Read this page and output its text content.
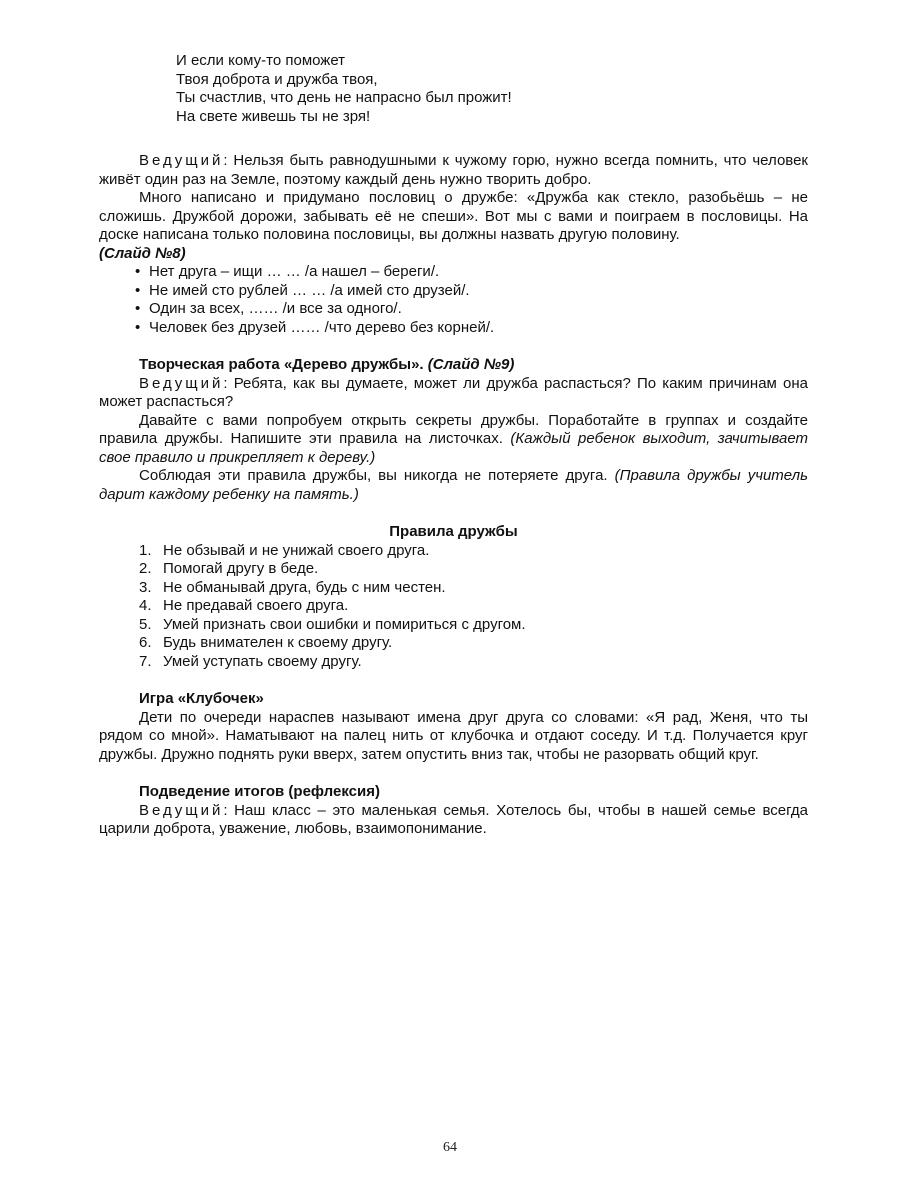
И если кому-то поможет
Твоя доброта и дружба твоя,
Ты счастлив, что день не напрасно был прожит!
На свете живешь ты не зря!

Ведущий: Нельзя быть равнодушными к чужому горю, нужно всегда помнить, что человек живёт один раз на Земле, поэтому каждый день нужно творить добро.

Много написано и придумано пословиц о дружбе: «Дружба как стекло, разобьёшь – не сложишь. Дружбой дорожи, забывать её не спеши». Вот мы с вами и поиграем в пословицы. На доске написана только половина пословицы, вы должны назвать другую половину.

(Слайд №8)
• Нет друга – ищи … … /а нашел – береги/.
• Не имей сто рублей … … /а имей сто друзей/.
• Один за всех, …… /и все за одного/.
• Человек без друзей …… /что дерево без корней/.
Творческая работа «Дерево дружбы». (Слайд №9)

Ведущий: Ребята, как вы думаете, может ли дружба распасться? По каким причинам она может распасться?

Давайте с вами попробуем открыть секреты дружбы. Поработайте в группах и создайте правила дружбы. Напишите эти правила на листочках. (Каждый ребенок выходит, зачитывает свое правило и прикрепляет к дереву.)

Соблюдая эти правила дружбы, вы никогда не потеряете друга. (Правила дружбы учитель дарит каждому ребенку на память.)

Правила дружбы
1. Не обзывай и не унижай своего друга.
2. Помогай другу в беде.
3. Не обманывай друга, будь с ним честен.
4. Не предавай своего друга.
5. Умей признать свои ошибки и помириться с другом.
6. Будь внимателен к своему другу.
7. Умей уступать своему другу.
Игра «Клубочек»

Дети по очереди нараспев называют имена друг друга со словами: «Я рад, Женя, что ты рядом со мной». Наматывают на палец нить от клубочка и отдают соседу. И т.д. Получается круг дружбы. Дружно поднять руки вверх, затем опустить вниз так, чтобы не разорвать общий круг.

Подведение итогов (рефлексия)

Ведущий: Наш класс – это маленькая семья. Хотелось бы, чтобы в нашей семье всегда царили доброта, уважение, любовь, взаимопонимание.

64
